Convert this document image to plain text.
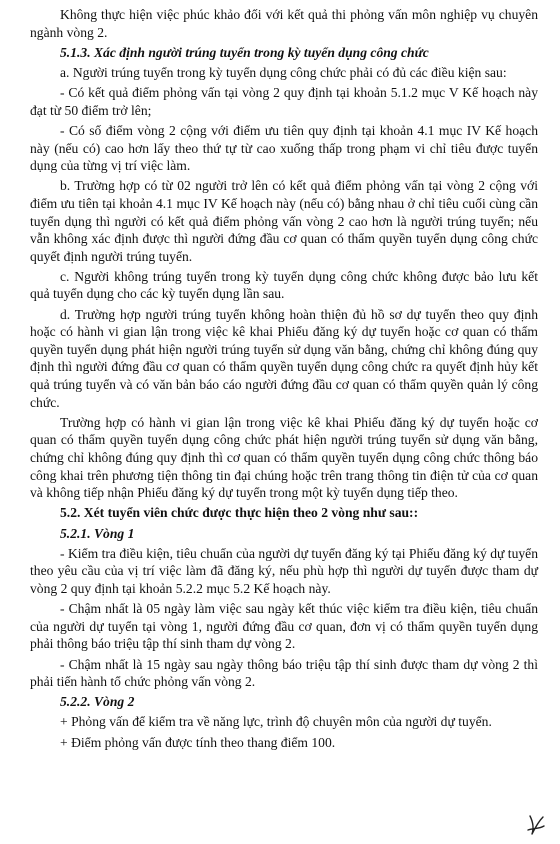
Không thực hiện việc phúc khảo đối với kết quả thi phỏng vấn môn nghiệp vụ chuyên ngành vòng 2.

5.1.3. Xác định người trúng tuyển trong kỳ tuyển dụng công chức

a. Người trúng tuyển trong kỳ tuyển dụng công chức phải có đủ các điều kiện sau:

- Có kết quả điểm phỏng vấn tại vòng 2 quy định tại khoản 5.1.2 mục V Kế hoạch này đạt từ 50 điểm trở lên;

- Có số điểm vòng 2 cộng với điểm ưu tiên quy định tại khoản 4.1 mục IV Kế hoạch này (nếu có) cao hơn lấy theo thứ tự từ cao xuống thấp trong phạm vi chỉ tiêu được tuyển dụng của từng vị trí việc làm.

b. Trường hợp có từ 02 người trở lên có kết quả điểm phỏng vấn tại vòng 2 cộng với điểm ưu tiên tại khoản 4.1 mục IV Kế hoạch này (nếu có) bằng nhau ở chỉ tiêu cuối cùng cần tuyển dụng thì người có kết quả điểm phỏng vấn vòng 2 cao hơn là người trúng tuyển; nếu vẫn không xác định được thì người đứng đầu cơ quan có thẩm quyền tuyển dụng công chức quyết định người trúng tuyển.

c. Người không trúng tuyển trong kỳ tuyển dụng công chức không được bảo lưu kết quả tuyển dụng cho các kỳ tuyển dụng lần sau.

d. Trường hợp người trúng tuyển không hoàn thiện đủ hồ sơ dự tuyển theo quy định hoặc có hành vi gian lận trong việc kê khai Phiếu đăng ký dự tuyển hoặc cơ quan có thẩm quyền tuyển dụng phát hiện người trúng tuyển sử dụng văn bằng, chứng chỉ không đúng quy định thì người đứng đầu cơ quan có thẩm quyền tuyển dụng công chức ra quyết định hủy kết quả trúng tuyển và có văn bản báo cáo người đứng đầu cơ quan có thẩm quyền quản lý công chức.

Trường hợp có hành vi gian lận trong việc kê khai Phiếu đăng ký dự tuyển hoặc cơ quan có thẩm quyền tuyển dụng công chức phát hiện người trúng tuyển sử dụng văn bằng, chứng chỉ không đúng quy định thì cơ quan có thẩm quyền tuyển dụng công chức thông báo công khai trên phương tiện thông tin đại chúng hoặc trên trang thông tin điện tử của cơ quan và không tiếp nhận Phiếu đăng ký dự tuyển trong một kỳ tuyển dụng tiếp theo.

5.2. Xét tuyển viên chức được thực hiện theo 2 vòng như sau::

5.2.1. Vòng 1

- Kiểm tra điều kiện, tiêu chuẩn của người dự tuyển đăng ký tại Phiếu đăng ký dự tuyển theo yêu cầu của vị trí việc làm đã đăng ký, nếu phù hợp thì người dự tuyển được tham dự vòng 2 quy định tại khoản 5.2.2 mục 5.2 Kế hoạch này.

- Chậm nhất là 05 ngày làm việc sau ngày kết thúc việc kiểm tra điều kiện, tiêu chuẩn của người dự tuyển tại vòng 1, người đứng đầu cơ quan, đơn vị có thẩm quyền tuyển dụng phải thông báo triệu tập thí sinh tham dự vòng 2.

- Chậm nhất là 15 ngày sau ngày thông báo triệu tập thí sinh được tham dự vòng 2 thì phải tiến hành tổ chức phỏng vấn vòng 2.

5.2.2. Vòng 2

+ Phỏng vấn để kiểm tra về năng lực, trình độ chuyên môn của người dự tuyển.

+ Điểm phỏng vấn được tính theo thang điểm 100.
